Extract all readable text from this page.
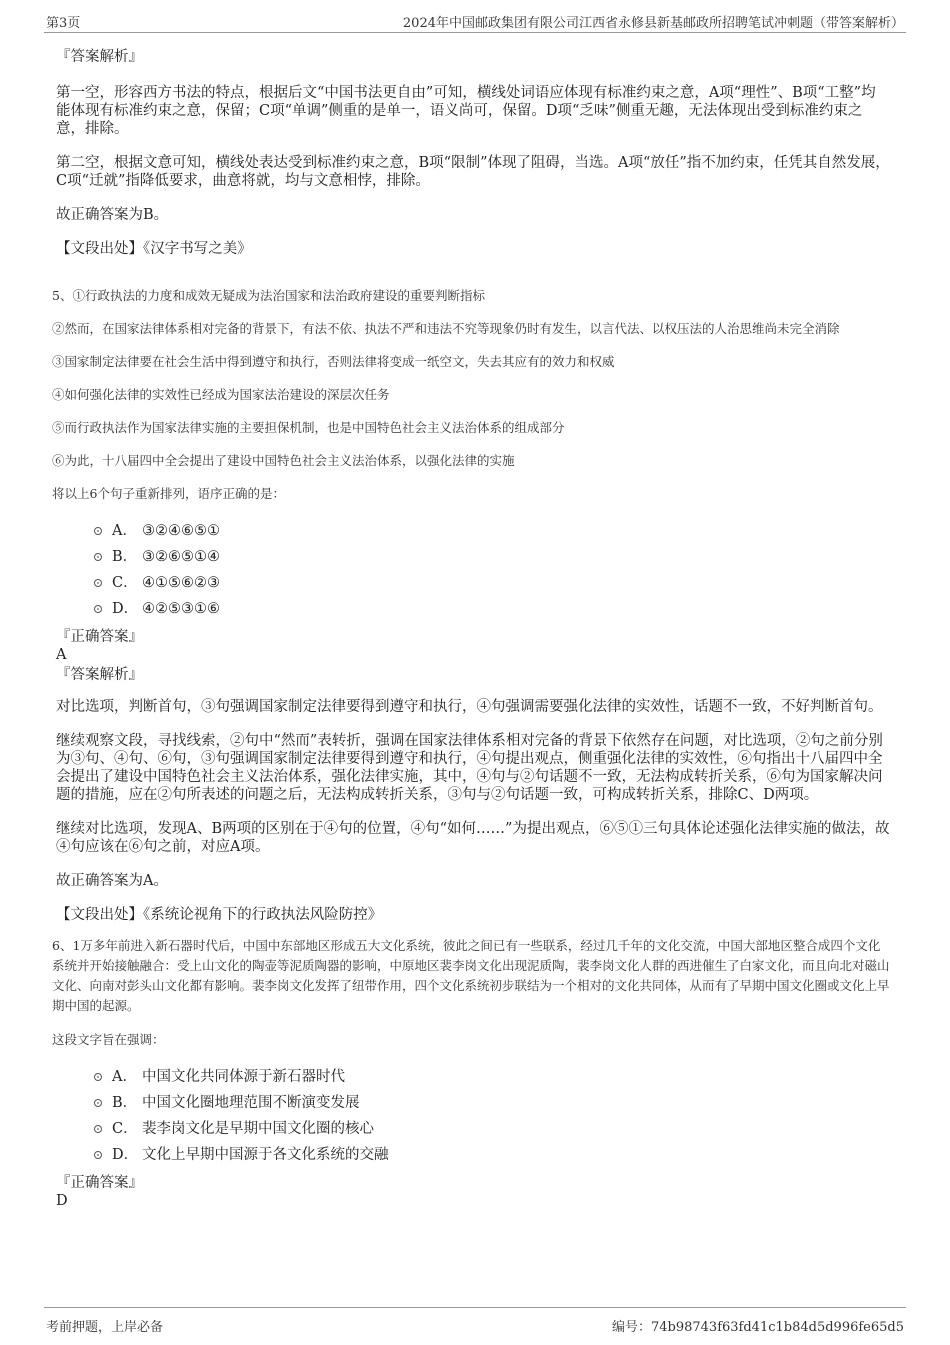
第3页	2024年中国邮政集团有限公司江西省永修县新基邮政所招聘笔试冲刺题（带答案解析）

『答案解析』

第一空，形容西方书法的特点，根据后文“中国书法更自由”可知，横线处词语应体现有标准约束之意，A项“理性”、B项“工整”均能体现有标准约束之意，保留；C项“单调”侧重的是单一，语义尚可，保留。D项“乏味”侧重无趣，无法体现出受到标准约束之意，排除。

第二空，根据文意可知，横线处表达受到标准约束之意，B项“限制”体现了阻碍，当选。A项“放任”指不加约束，任凭其自然发展，C项“迁就”指降低要求，曲意将就，均与文意相悖，排除。

故正确答案为B。

【文段出处】《汉字书写之美》

5、①行政执法的力度和成效无疑成为法治国家和法治政府建设的重要判断指标

②然而，在国家法律体系相对完备的背景下，有法不依、执法不严和违法不究等现象仍时有发生，以言代法、以权压法的人治思维尚未完全消除

③国家制定法律要在社会生活中得到遵守和执行，否则法律将变成一纸空文，失去其应有的效力和权威

④如何强化法律的实效性已经成为国家法治建设的深层次任务

⑤而行政执法作为国家法律实施的主要担保机制，也是中国特色社会主义法治体系的组成部分

⑥为此，十八届四中全会提出了建设中国特色社会主义法治体系，以强化法律的实施

将以上6个句子重新排列，语序正确的是：

A． ③②④⑥⑤①
B． ③②⑥⑤①④
C． ④①⑤⑥②③
D． ④②⑤③①⑥

『正确答案』

A

『答案解析』

对比选项，判断首句，③句强调国家制定法律要得到遵守和执行，④句强调需要强化法律的实效性，话题不一致，不好判断首句。

继续观察文段，寻找线索，②句中“然而”表转折，强调在国家法律体系相对完备的背景下依然存在问题，对比选项，②句之前分别为③句、④句、⑥句，③句强调国家制定法律要得到遵守和执行，④句提出观点，侧重强化法律的实效性，⑥句指出十八届四中全会提出了建设中国特色社会主义法治体系，强化法律实施，其中，④句与②句话题不一致，无法构成转折关系，⑥句为国家解决问题的措施，应在②句所表述的问题之后，无法构成转折关系，③句与②句话题一致，可构成转折关系，排除C、D两项。

继续对比选项，发现A、B两项的区别在于④句的位置，④句“如何……”为提出观点，⑥⑤①三句具体论述强化法律实施的做法，故④句应该在⑥句之前，对应A项。

故正确答案为A。

【文段出处】《系统论视角下的行政执法风险防控》

6、1万多年前进入新石器时代后，中国中东部地区形成五大文化系统，彼此之间已有一些联系，经过几千年的文化交流，中国大部地区整合成四个文化系统并开始接触融合：受上山文化的陶壶等泥质陶器的影响，中原地区裴李岗文化出现泥质陶，裴李岗文化人群的西进催生了白家文化，而且向北对磁山文化、向南对彭头山文化都有影响。裴李岗文化发挥了纽带作用，四个文化系统初步联结为一个相对的文化共同体，从而有了早期中国文化圈或文化上早期中国的起源。

这段文字旨在强调：

A． 中国文化共同体源于新石器时代
B． 中国文化圈地理范围不断演变发展
C． 裴李岗文化是早期中国文化圈的核心
D． 文化上早期中国源于各文化系统的交融

『正确答案』

D

考前押题，上岸必备	编号：74b98743f63fd41c1b84d5d996fe65d5
